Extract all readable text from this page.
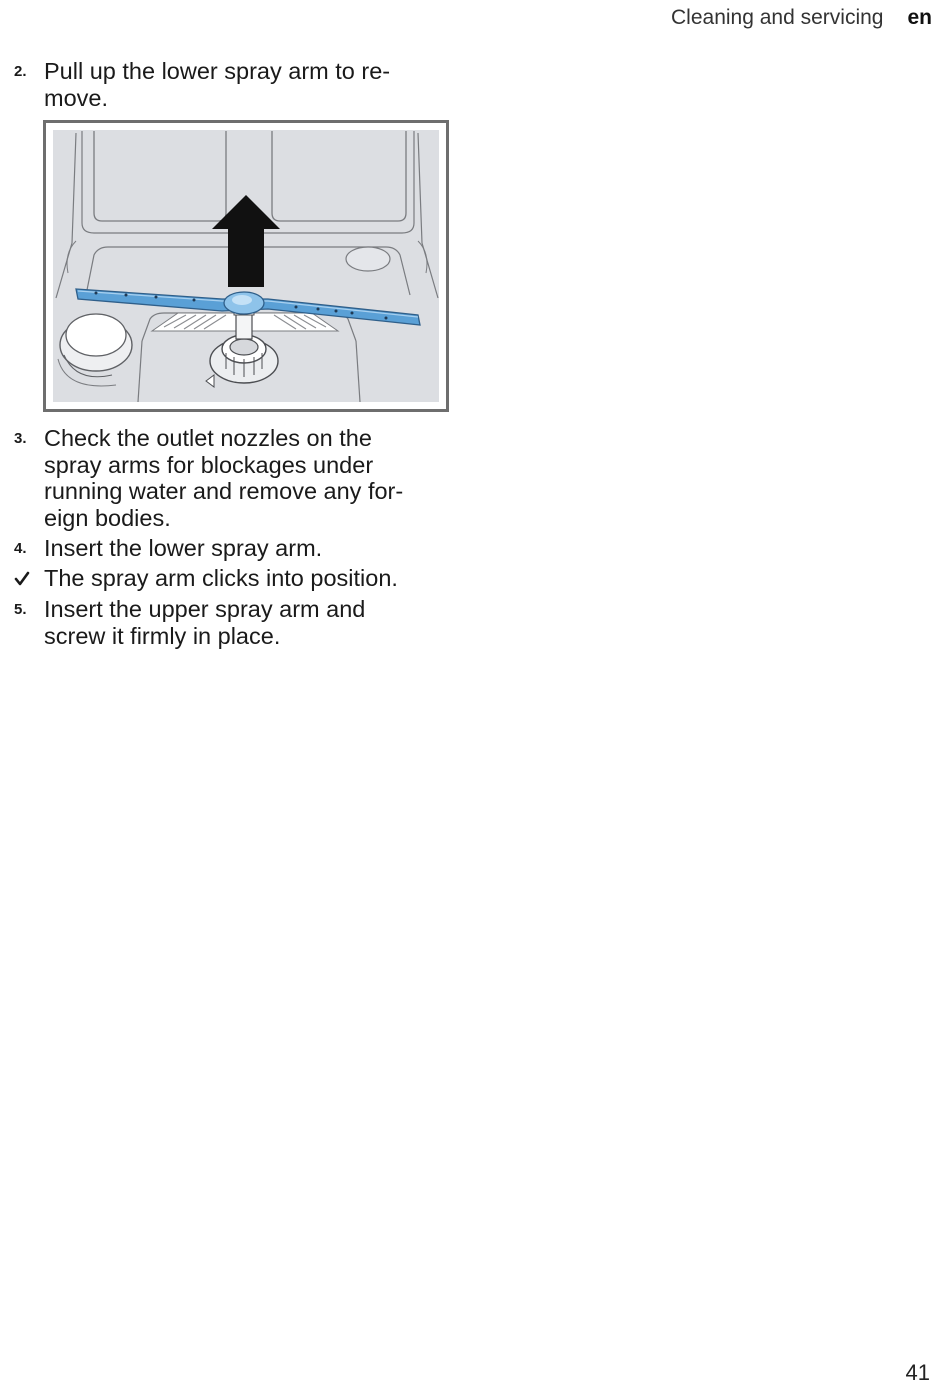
Cleaning and servicing en
2. Pull up the lower spray arm to re-
move.
3. Check the outlet nozzles on the
spray arms for blockages under
running water and remove any for-
eign bodies.
4. Insert the lower spray arm.
The spray arm clicks into position.
5. Insert the upper spray arm and
screw it firmly in place.
41
